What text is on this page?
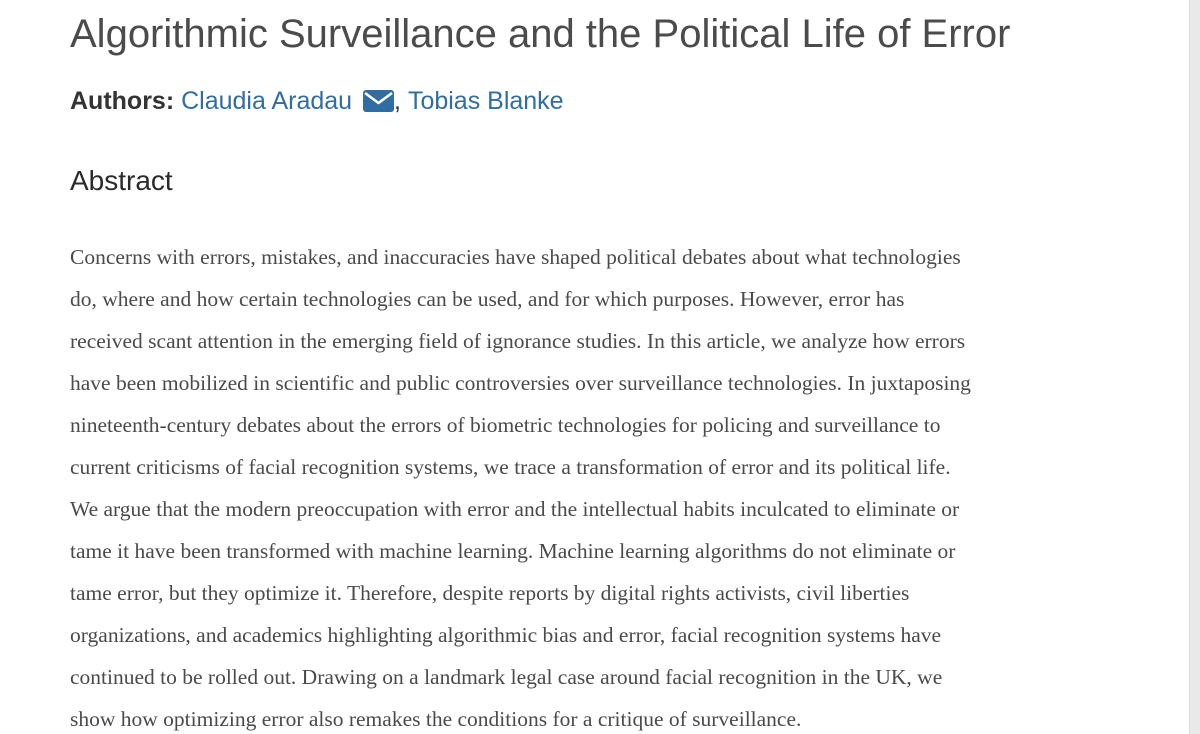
Algorithmic Surveillance and the Political Life of Error
Authors: Claudia Aradau , Tobias Blanke
Abstract
Concerns with errors, mistakes, and inaccuracies have shaped political debates about what technologies
do, where and how certain technologies can be used, and for which purposes. However, error has
received scant attention in the emerging field of ignorance studies. In this article, we analyze how errors
have been mobilized in scientific and public controversies over surveillance technologies. In juxtaposing
nineteenth-century debates about the errors of biometric technologies for policing and surveillance to
current criticisms of facial recognition systems, we trace a transformation of error and its political life.
We argue that the modern preoccupation with error and the intellectual habits inculcated to eliminate or
tame it have been transformed with machine learning. Machine learning algorithms do not eliminate or
tame error, but they optimize it. Therefore, despite reports by digital rights activists, civil liberties
organizations, and academics highlighting algorithmic bias and error, facial recognition systems have
continued to be rolled out. Drawing on a landmark legal case around facial recognition in the UK, we
show how optimizing error also remakes the conditions for a critique of surveillance.
